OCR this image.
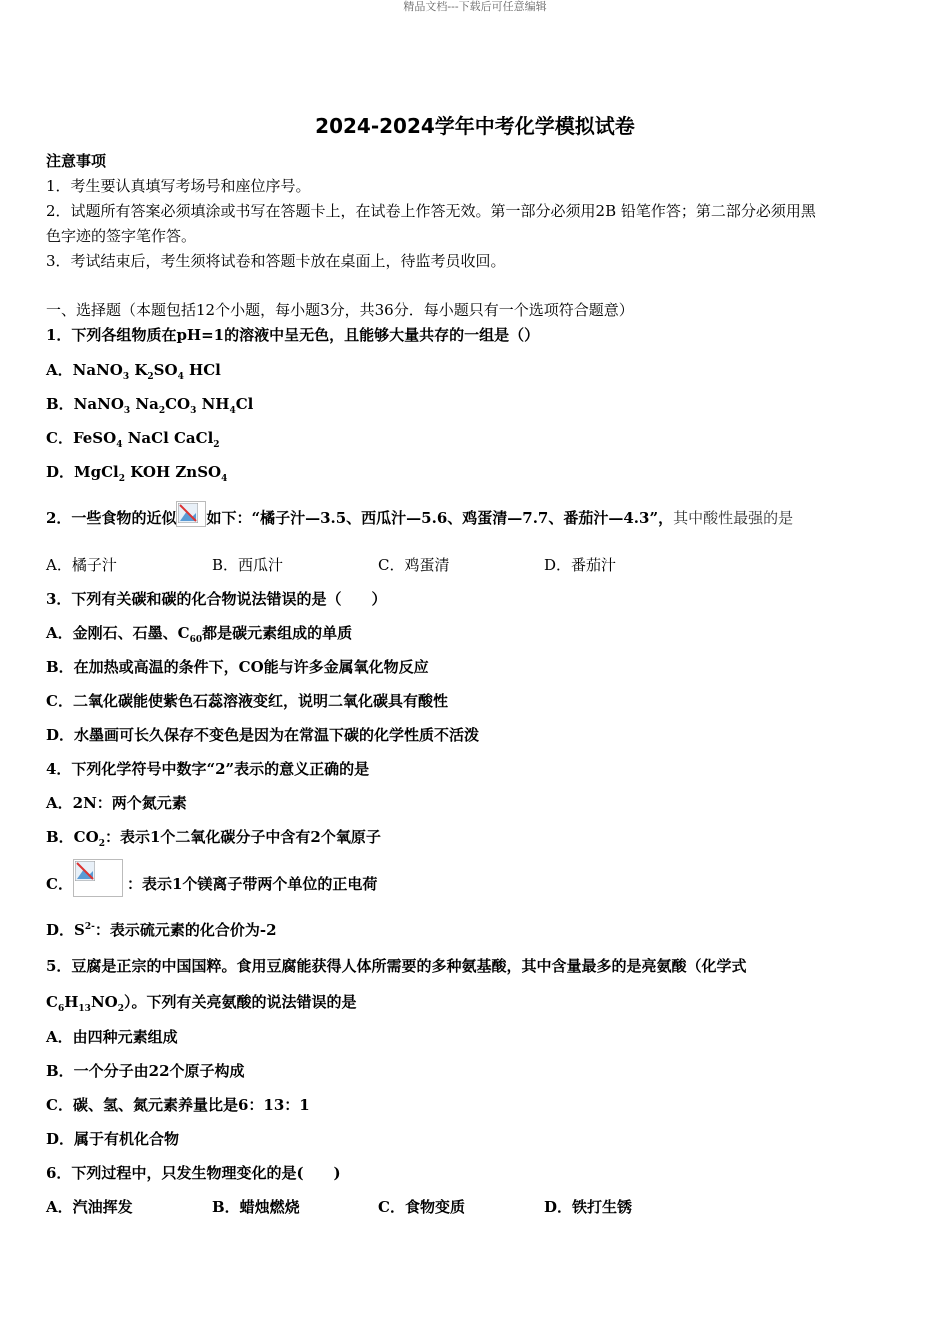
精品文档---下载后可任意编辑
2024-2024学年中考化学模拟试卷
注意事项
1．考生要认真填写考场号和座位序号。
2．试题所有答案必须填涂或书写在答题卡上，在试卷上作答无效。第一部分必须用2B 铅笔作答；第二部分必须用黑
色字迹的签字笔作答。
3．考试结束后，考生须将试卷和答题卡放在桌面上，待监考员收回。
一、选择题（本题包括12个小题，每小题3分，共36分．每小题只有一个选项符合题意）
1．下列各组物质在pH=1的溶液中呈无色，且能够大量共存的一组是（）
A．NaNO$_3$ $K_2SO_4$ HCl
B．NaNO$_3$ $Na_2CO_3$ $NH_4Cl$
C．FeSO$_4$ NaCl CaCl$_2$
D．MgCl$_2$ KOH ZnSO$_4$
2．一些食物的近似 如下：“橘子汁—3.5、西瓜汁—5.6、鸡蛋清—7.7、番茄汁—4.3”，其中酸性最强的是
A．橘子汁	B．西瓜汁	C．鸡蛋清	D．番茄汁
3．下列有关碳和碳的化合物说法错误的是（　　）
A．金刚石、石墨、$C_{60}$都是碳元素组成的单质
B．在加热或高温的条件下，CO能与许多金属氧化物反应
C．二氧化碳能使紫色石蕊溶液变红，说明二氧化碳具有酸性
D．水墨画可长久保存不变色是因为在常温下碳的化学性质不活泼
4．下列化学符号中数字“2”表示的意义正确的是
A．2N：两个氮元素
B．$CO_2$：表示1个二氧化碳分子中含有2个氧原子
C．	：表示1个镁离子带两个单位的正电荷
D．$S^{2-}$：表示硫元素的化合价为-2
5．豆腐是正宗的中国国粹。食用豆腐能获得人体所需要的多种氨基酸，其中含量最多的是亮氨酸（化学式
$C_6H_{13}NO_2$）。下列有关亮氨酸的说法错误的是
A．由四种元素组成
B．一个分子由22个原子构成
C．碳、氢、氮元素养量比是6：13：1
D．属于有机化合物
6．下列过程中，只发生物理变化的是(　　)
A．汽油挥发	B．蜡烛燃烧	C．食物变质	D．铁打生锈
